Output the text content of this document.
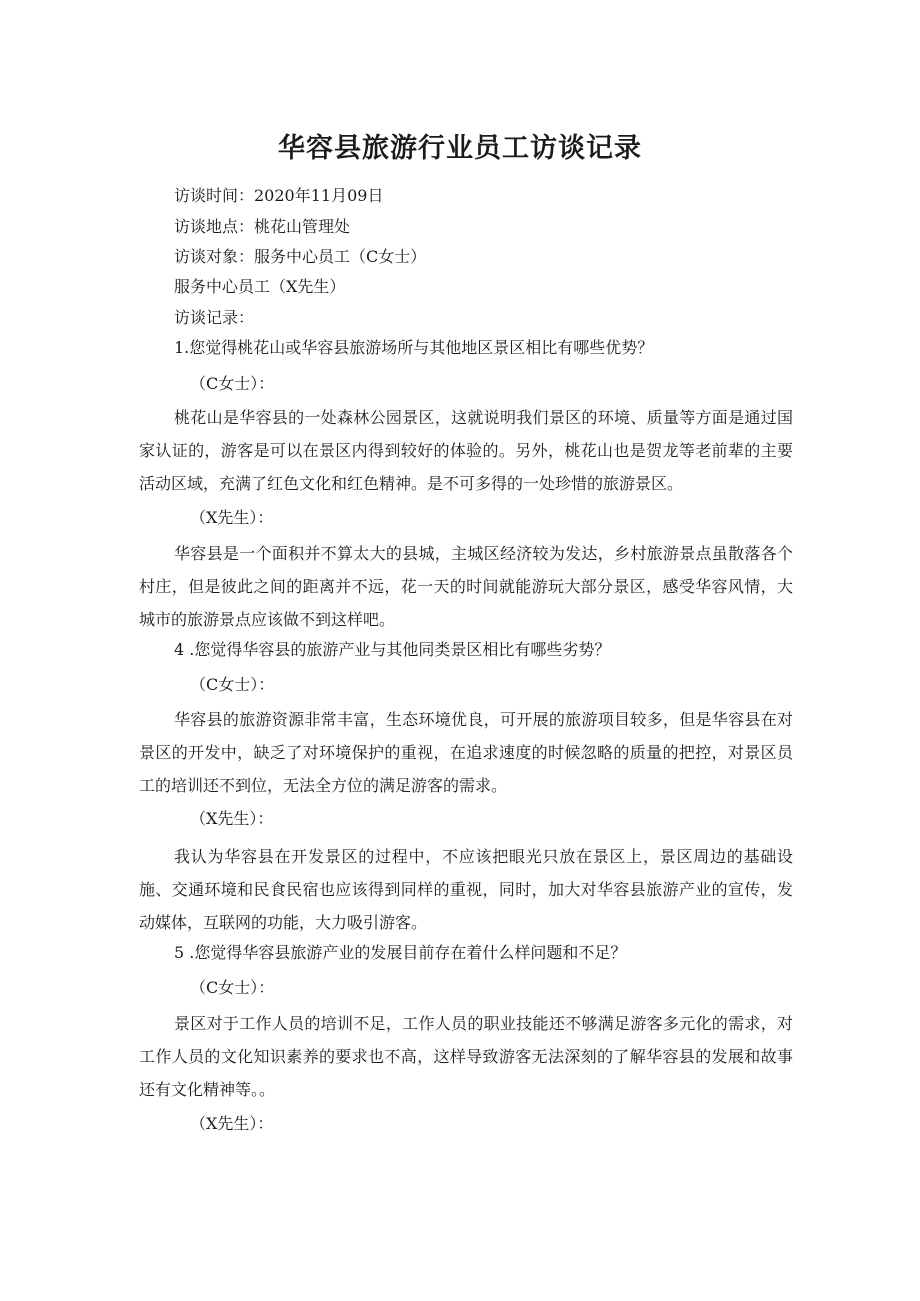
华容县旅游行业员工访谈记录
访谈时间：2020年11月09日
访谈地点：桃花山管理处
访谈对象：服务中心员工（C女士）
服务中心员工（X先生）
访谈记录：
1.您觉得桃花山或华容县旅游场所与其他地区景区相比有哪些优势？
（C女士）：
桃花山是华容县的一处森林公园景区，这就说明我们景区的环境、质量等方面是通过国家认证的，游客是可以在景区内得到较好的体验的。另外，桃花山也是贺龙等老前辈的主要活动区域，充满了红色文化和红色精神。是不可多得的一处珍惜的旅游景区。
（X先生）：
华容县是一个面积并不算太大的县城，主城区经济较为发达，乡村旅游景点虽散落各个村庄，但是彼此之间的距离并不远，花一天的时间就能游玩大部分景区，感受华容风情，大城市的旅游景点应该做不到这样吧。
4 .您觉得华容县的旅游产业与其他同类景区相比有哪些劣势？
（C女士）：
华容县的旅游资源非常丰富，生态环境优良，可开展的旅游项目较多，但是华容县在对景区的开发中，缺乏了对环境保护的重视，在追求速度的时候忽略的质量的把控，对景区员工的培训还不到位，无法全方位的满足游客的需求。
（X先生）：
我认为华容县在开发景区的过程中，不应该把眼光只放在景区上，景区周边的基础设施、交通环境和民食民宿也应该得到同样的重视，同时，加大对华容县旅游产业的宣传，发动媒体，互联网的功能，大力吸引游客。
5 .您觉得华容县旅游产业的发展目前存在着什么样问题和不足？
（C女士）：
景区对于工作人员的培训不足，工作人员的职业技能还不够满足游客多元化的需求，对工作人员的文化知识素养的要求也不高，这样导致游客无法深刻的了解华容县的发展和故事还有文化精神等。。
（X先生）：
